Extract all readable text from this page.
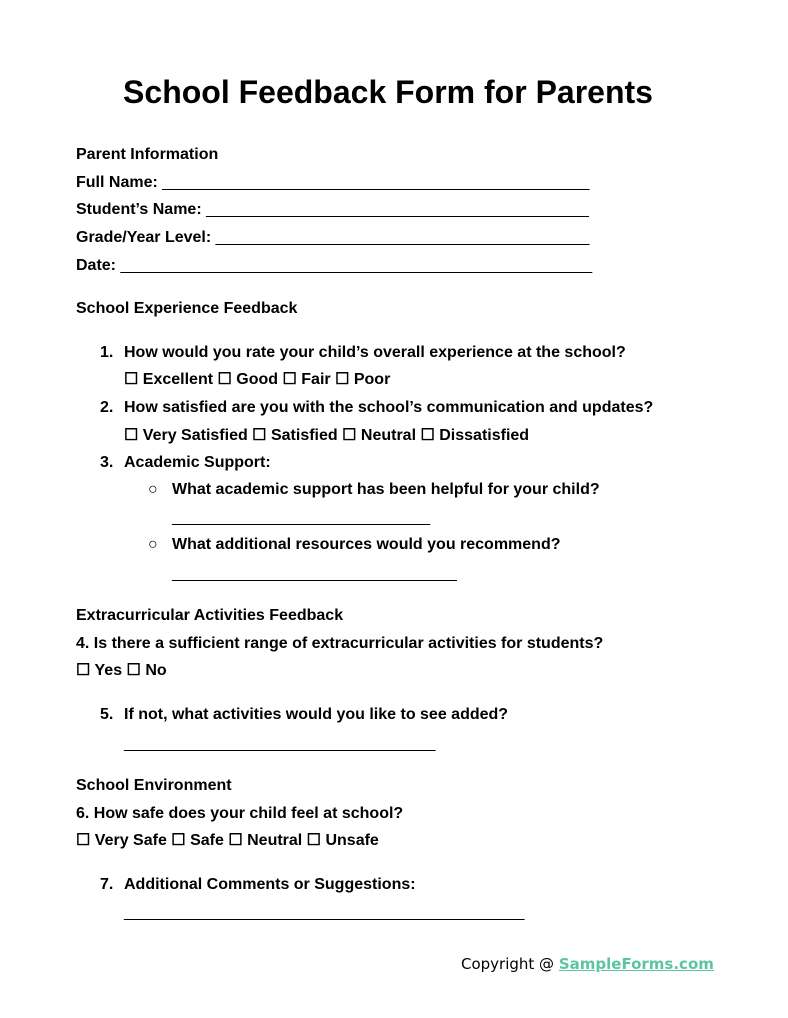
School Feedback Form for Parents
Parent Information
Full Name: ________________________________________________
Student’s Name: ___________________________________________
Grade/Year Level: __________________________________________
Date: _____________________________________________________
School Experience Feedback
1. How would you rate your child’s overall experience at the school?
☐ Excellent ☐ Good ☐ Fair ☐ Poor
2. How satisfied are you with the school’s communication and updates?
☐ Very Satisfied ☐ Satisfied ☐ Neutral ☐ Dissatisfied
3. Academic Support:
○ What academic support has been helpful for your child?
_____________________________
○ What additional resources would you recommend?
________________________________
Extracurricular Activities Feedback
4. Is there a sufficient range of extracurricular activities for students?
☐ Yes ☐ No
5. If not, what activities would you like to see added?
___________________________________
School Environment
6. How safe does your child feel at school?
☐ Very Safe ☐ Safe ☐ Neutral ☐ Unsafe
7. Additional Comments or Suggestions:
_____________________________________________
Copyright @ SampleForms.com
